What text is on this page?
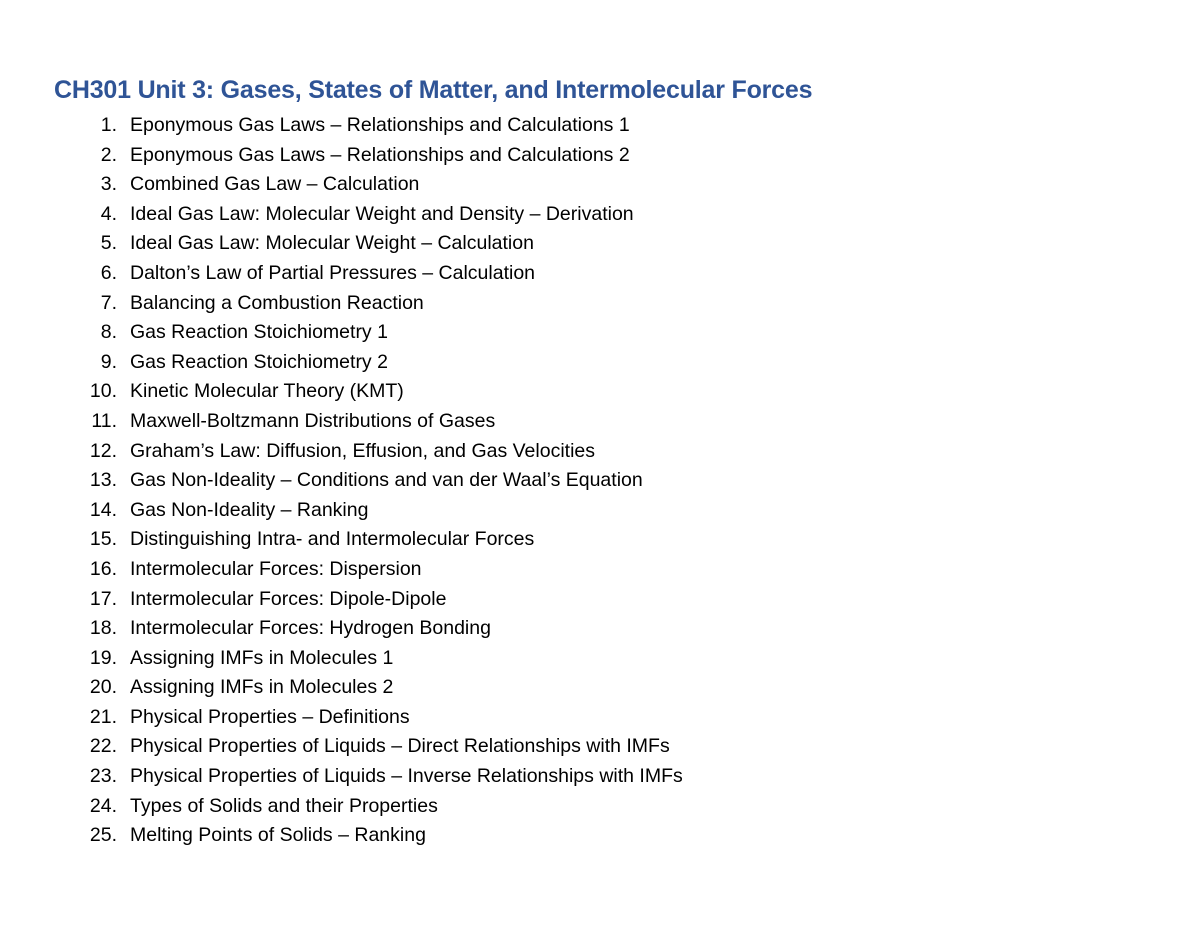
CH301 Unit 3: Gases, States of Matter, and Intermolecular Forces
1. Eponymous Gas Laws – Relationships and Calculations 1
2. Eponymous Gas Laws – Relationships and Calculations 2
3. Combined Gas Law – Calculation
4. Ideal Gas Law: Molecular Weight and Density – Derivation
5. Ideal Gas Law: Molecular Weight – Calculation
6. Dalton’s Law of Partial Pressures – Calculation
7. Balancing a Combustion Reaction
8. Gas Reaction Stoichiometry 1
9. Gas Reaction Stoichiometry 2
10. Kinetic Molecular Theory (KMT)
11. Maxwell-Boltzmann Distributions of Gases
12. Graham’s Law: Diffusion, Effusion, and Gas Velocities
13. Gas Non-Ideality – Conditions and van der Waal’s Equation
14. Gas Non-Ideality – Ranking
15. Distinguishing Intra- and Intermolecular Forces
16. Intermolecular Forces: Dispersion
17. Intermolecular Forces: Dipole-Dipole
18. Intermolecular Forces: Hydrogen Bonding
19. Assigning IMFs in Molecules 1
20. Assigning IMFs in Molecules 2
21. Physical Properties – Definitions
22. Physical Properties of Liquids – Direct Relationships with IMFs
23. Physical Properties of Liquids – Inverse Relationships with IMFs
24. Types of Solids and their Properties
25. Melting Points of Solids – Ranking
